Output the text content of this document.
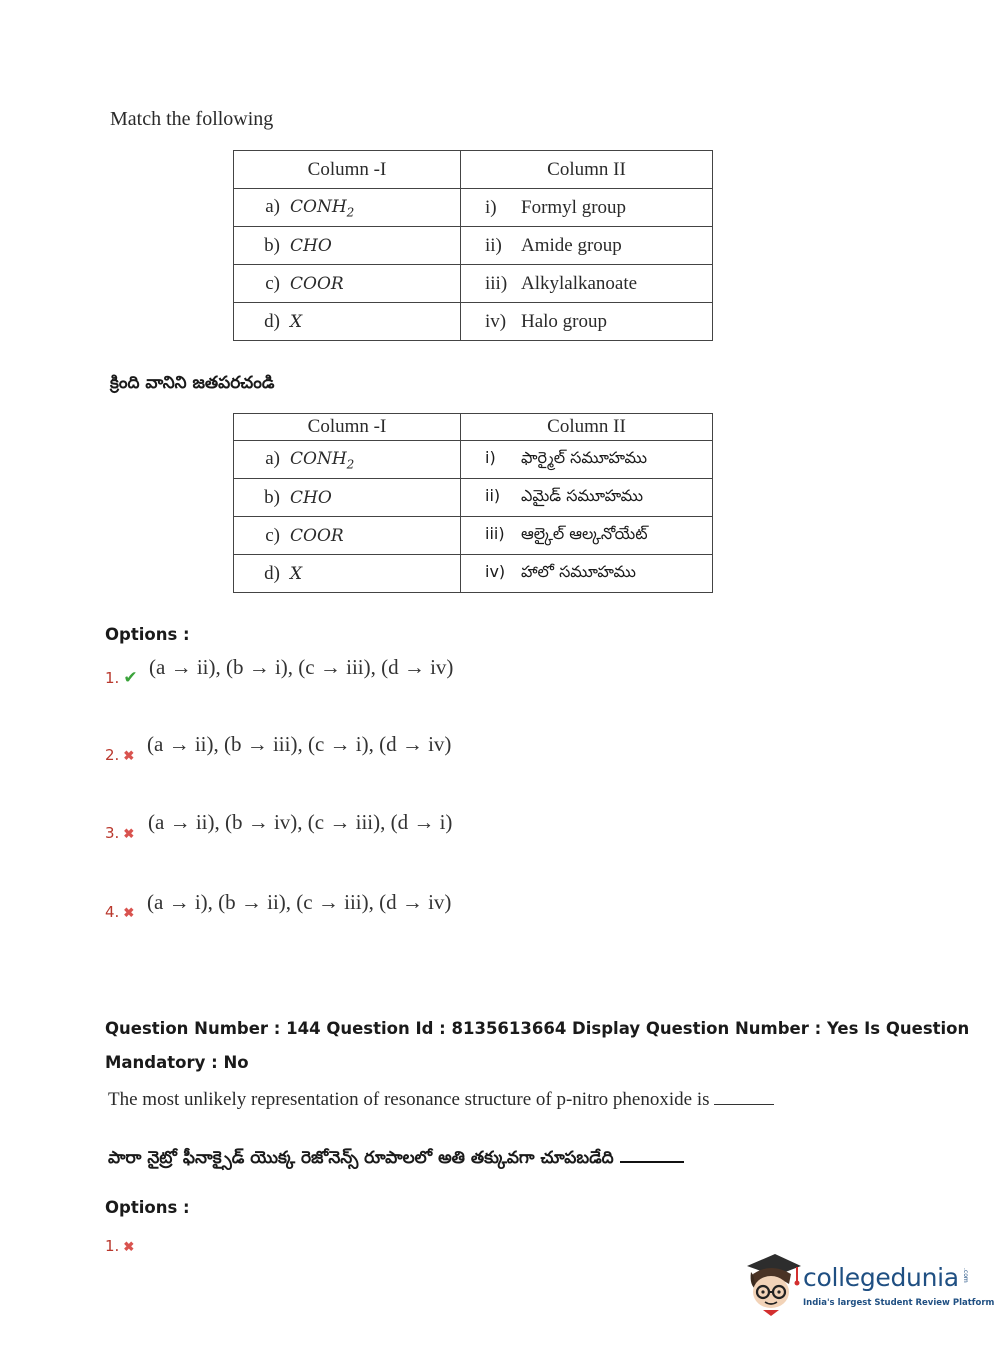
Match the following
Column -I	Column II
a) $CONH_2$	i) Formyl group
b) CHO	ii) Amide group
c) COOR	iii) Alkylalkanoate
d) X	iv) Halo group
క్రింది వానిని జతపరచండి
Column -I	Column II
a) $CONH_2$	i) ఫార్మైల్ సమూహము
b) CHO	ii) ఎమైడ్ సమూహము
c) COOR	iii) ఆల్కైల్ ఆల్కనోయేట్
d) X	iv) హాలో సమూహము
Options :
1. ✔ (a → ii), (b → i), (c → iii), (d → iv)
2. ✖ (a → ii), (b → iii), (c → i), (d → iv)
3. ✖ (a → ii), (b → iv), (c → iii), (d → i)
4. ✖ (a → i), (b → ii), (c → iii), (d → iv)
Question Number : 144 Question Id : 8135613664 Display Question Number : Yes Is Question
Mandatory : No
The most unlikely representation of resonance structure of p-nitro phenoxide is
పారా నైట్రో ఫీనాక్సైడ్ యొక్క రెజోనెన్స్ రూపాలలో అతి తక్కువగా చూపబడేది
Options :
1. ✖
collegedunia .com
India's largest Student Review Platform
